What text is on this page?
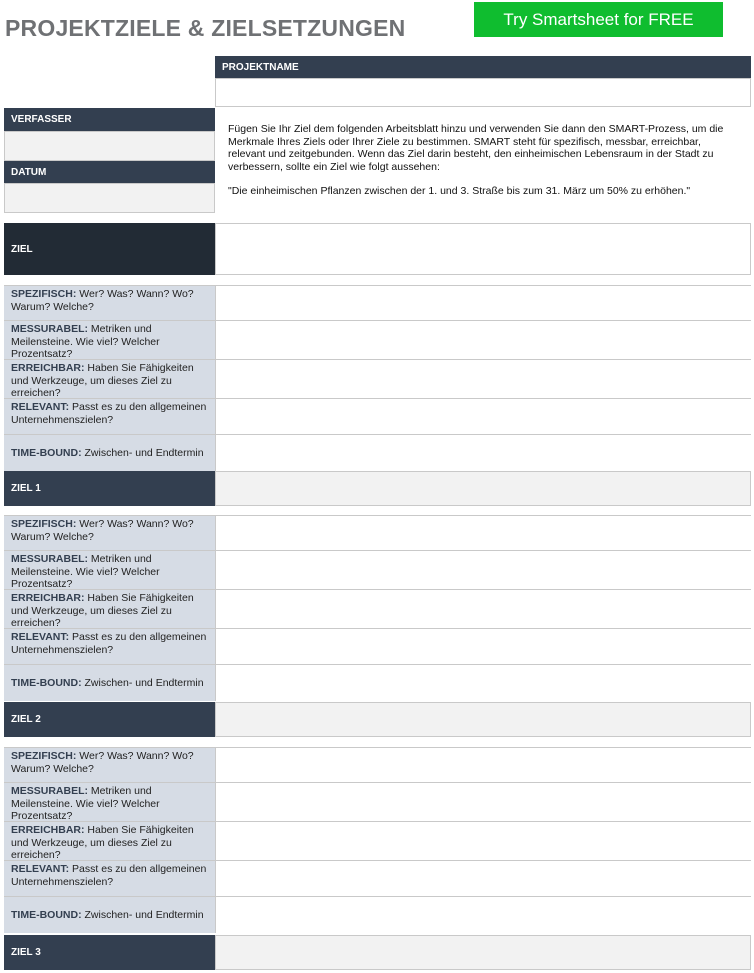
PROJEKTZIELE & ZIELSETZUNGEN	Try Smartsheet for FREE
PROJEKTNAME
VERFASSER
DATUM
Fügen Sie Ihr Ziel dem folgenden Arbeitsblatt hinzu und verwenden Sie dann den SMART-Prozess, um die Merkmale Ihres Ziels oder Ihrer Ziele zu bestimmen. SMART steht für spezifisch, messbar, erreichbar, relevant und zeitgebunden. Wenn das Ziel darin besteht, den einheimischen Lebensraum in der Stadt zu verbessern, sollte ein Ziel wie folgt aussehen:
"Die einheimischen Pflanzen zwischen der 1. und 3. Straße bis zum 31. März um 50% zu erhöhen."
ZIEL
SPEZIFISCH: Wer? Was? Wann? Wo? Warum? Welche?
MESSURABEL: Metriken und Meilensteine. Wie viel? Welcher Prozentsatz?
ERREICHBAR: Haben Sie Fähigkeiten und Werkzeuge, um dieses Ziel zu erreichen?
RELEVANT: Passt es zu den allgemeinen Unternehmenszielen?
TIME-BOUND: Zwischen- und Endtermin
ZIEL 1
SPEZIFISCH: Wer? Was? Wann? Wo? Warum? Welche?
MESSURABEL: Metriken und Meilensteine. Wie viel? Welcher Prozentsatz?
ERREICHBAR: Haben Sie Fähigkeiten und Werkzeuge, um dieses Ziel zu erreichen?
RELEVANT: Passt es zu den allgemeinen Unternehmenszielen?
TIME-BOUND: Zwischen- und Endtermin
ZIEL 2
SPEZIFISCH: Wer? Was? Wann? Wo? Warum? Welche?
MESSURABEL: Metriken und Meilensteine. Wie viel? Welcher Prozentsatz?
ERREICHBAR: Haben Sie Fähigkeiten und Werkzeuge, um dieses Ziel zu erreichen?
RELEVANT: Passt es zu den allgemeinen Unternehmenszielen?
TIME-BOUND: Zwischen- und Endtermin
ZIEL 3
